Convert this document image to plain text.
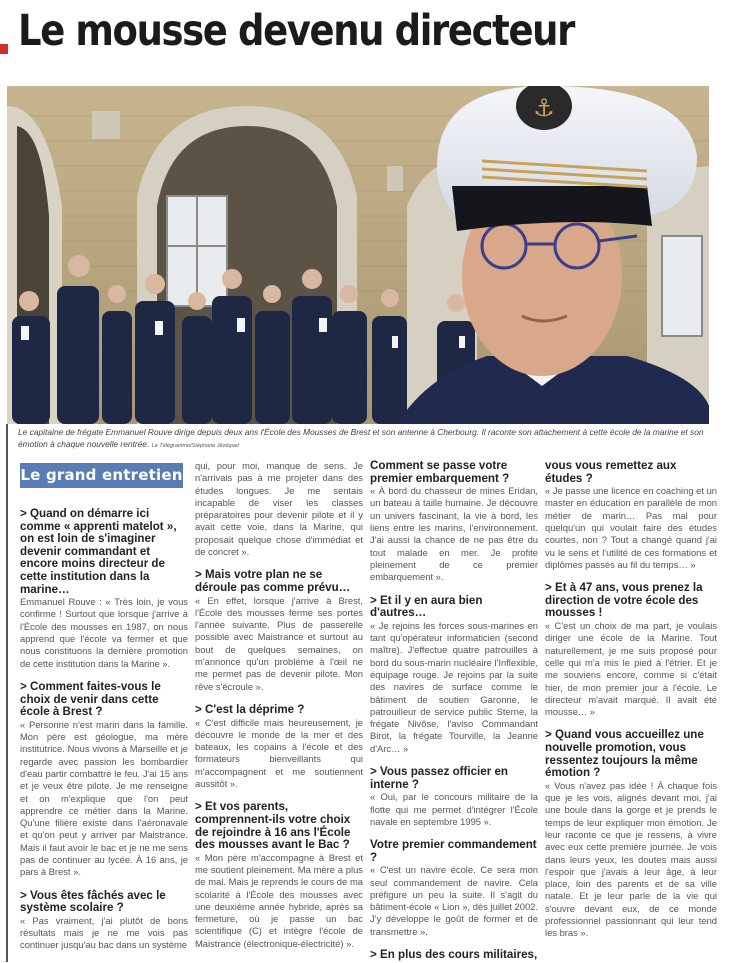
Le mousse devenu directeur
⚓
Le capitaine de frégate Emmanuel Rouve dirige depuis deux ans l'École des Mousses de Brest et son antenne à Cherbourg. Il raconte son attachement à cette école de la marine et son émotion à chaque nouvelle rentrée. Le Télégramme/Stéphane Jézéquel
Le grand entretien

> Quand on démarre ici comme « apprenti matelot », on est loin de s'imaginer devenir commandant et encore moins directeur de cette institution dans la marine…

Emmanuel Rouve : « Très loin, je vous confirme ! Surtout que lorsque j'arrive à l'École des mousses en 1987, on nous apprend que l'école va fermer et que nous constituons la dernière promotion de cette institution dans la Marine ».

> Comment faites-vous le choix de venir dans cette école à Brest ?

« Personne n'est marin dans la famille. Mon père est géologue, ma mère institutrice. Nous vivons à Marseille et je regarde avec passion les bombardier d'eau partir combattre le feu. J'ai 15 ans et je veux être pilote. Je me renseigne et on m'explique que l'on peut apprendre ce métier dans la Marine. Qu'une filière existe dans l'aéronavale et qu'on peut y arriver par Maistrance. Mais il faut avoir le bac et je ne me sens pas de continuer au lycée. À 16 ans, je pars à Brest ».

> Vous êtes fâchés avec le système scolaire ?

« Pas vraiment, j'ai plutôt de bons résultats mais je ne me vois pas continuer jusqu'au bac dans un système

qui, pour moi, manque de sens. Je n'arrivais pas à me projeter dans des études longues. Je me sentais incapable de viser les classes préparatoires pour devenir pilote et il y avait cette voie, dans la Marine, qui proposait quelque chose d'immédiat et de concret ».

> Mais votre plan ne se déroule pas comme prévu…

« En effet, lorsque j'arrive à Brest, l'École des mousses ferme ses portes l'année suivante. Plus de passerelle possible avec Maistrance et surtout au bout de quelques semaines, on m'annonce qu'un problème à l'œil ne me permet pas de devenir pilote. Mon rêve s'écroule ».

> C'est la déprime ?

« C'est difficile mais heureusement, je découvre le monde de la mer et des bateaux, les copains à l'école et des formateurs bienveillants qui m'accompagnent et me soutiennent aussitôt ».

> Et vos parents, comprennent-ils votre choix de rejoindre à 16 ans l'École des mousses avant le Bac ?

« Mon père m'accompagne à Brest et me soutient pleinement. Ma mère a plus de mal. Mais je reprends le cours de ma scolarité à l'École des mousses avec une deuxième année hybride, après sa fermeture, où je passe un bac scientifique (C) et intègre l'école de Maistrance (électronique-électricité) ».

Comment se passe votre premier embarquement ?

« À bord du chasseur de mines Eridan, un bateau à taille humaine. Je découvre un univers fascinant, la vie à bord, les liens entre les marins, l'environnement. J'ai aussi la chance de ne pas être du tout malade en mer. Je profite pleinement de ce premier embarquement ».

> Et il y en aura bien d'autres…

« Je rejoins les forces sous-marines en tant qu'opérateur informaticien (second maître). J'effectue quatre patrouilles à bord du sous-marin nucléaire l'Inflexible, équipage rouge. Je rejoins par la suite des navires de surface comme le bâtiment de soutien Garonne, le patrouilleur de service public Sterne, la frégate Nivôse, l'aviso Commandant Birot, la frégate Tourville, la Jeanne d'Arc… »

> Vous passez officier en interne ?

« Oui, par le concours militaire de la flotte qui me permet d'intégrer l'École navale en septembre 1995 ».

Votre premier commandement ?

« C'est un navire école. Ce sera mon seul commandement de navire. Cela préfigure un peu la suite. Il s'agit du bâtiment-école « Lion », dès juillet 2002. J'y développe le goût de former et de transmettre ».

> En plus des cours militaires,

vous vous remettez aux études ?

« Je passe une licence en coaching et un master en éducation en parallèle de mon métier de marin… Pas mal pour quelqu'un qui voulait faire des études courtes, non ? Tout a changé quand j'ai vu le sens et l'utilité de ces formations et diplômes passés au fil du temps… »

> Et à 47 ans, vous prenez la direction de votre école des mousses !

« C'est un choix de ma part, je voulais diriger une école de la Marine. Tout naturellement, je me suis proposé pour celle qui m'a mis le pied à l'étrier. Et je me souviens encore, comme si c'était hier, de mon premier jour à l'école. Le directeur m'avait marqué. Il avait été mousse… »

> Quand vous accueillez une nouvelle promotion, vous ressentez toujours la même émotion ?

« Vous n'avez pas idée ! À chaque fois que je les vois, alignés devant moi, j'ai une boule dans la gorge et je prends le temps de leur expliquer mon émotion. Je leur raconte ce que je ressens, à vivre avec eux cette première journée. Je vois dans leurs yeux, les doutes mais aussi l'espoir que j'avais à leur âge, à leur place, loin des parents et de sa ville natale. Et je leur parle de la vie qui s'ouvre devant eux, de ce monde professionnel passionnant qui leur tend les bras ».
